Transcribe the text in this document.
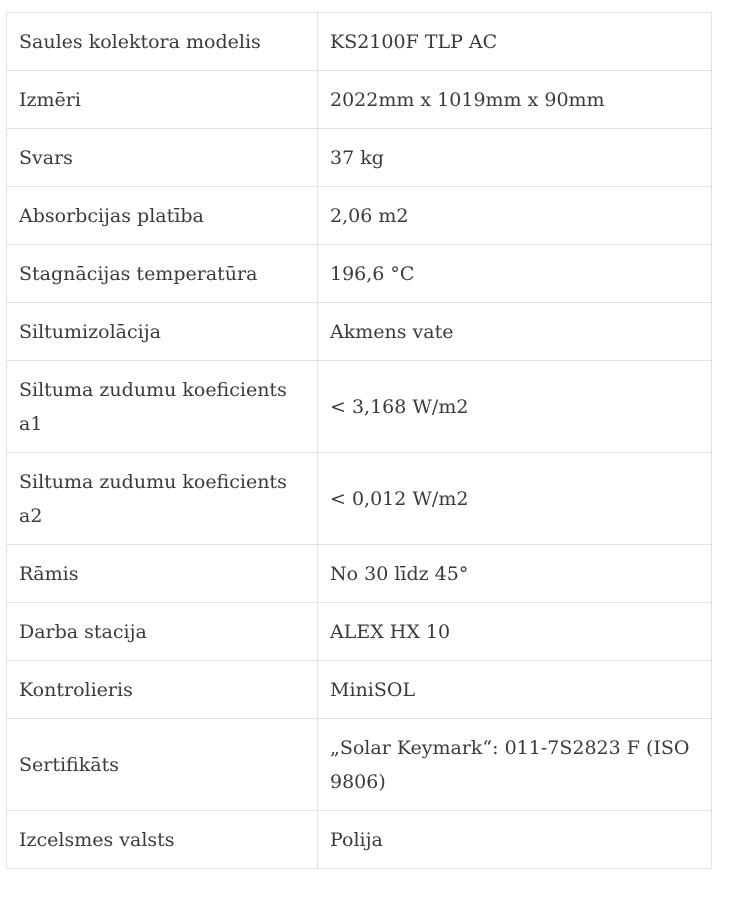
Saules kolektora modelis	KS2100F TLP AC
Izmēri	2022mm x 1019mm x 90mm
Svars	37 kg
Absorbcijas platība	2,06 m2
Stagnācijas temperatūra	196,6 °C
Siltumizolācija	Akmens vate
Siltuma zudumu koeficients a1	< 3,168 W/m2
Siltuma zudumu koeficients a2	< 0,012 W/m2
Rāmis	No 30 līdz 45°
Darba stacija	ALEX HX 10
Kontrolieris	MiniSOL
Sertifikāts	„Solar Keymark“: 011-7S2823 F (ISO 9806)
Izcelsmes valsts	Polija
